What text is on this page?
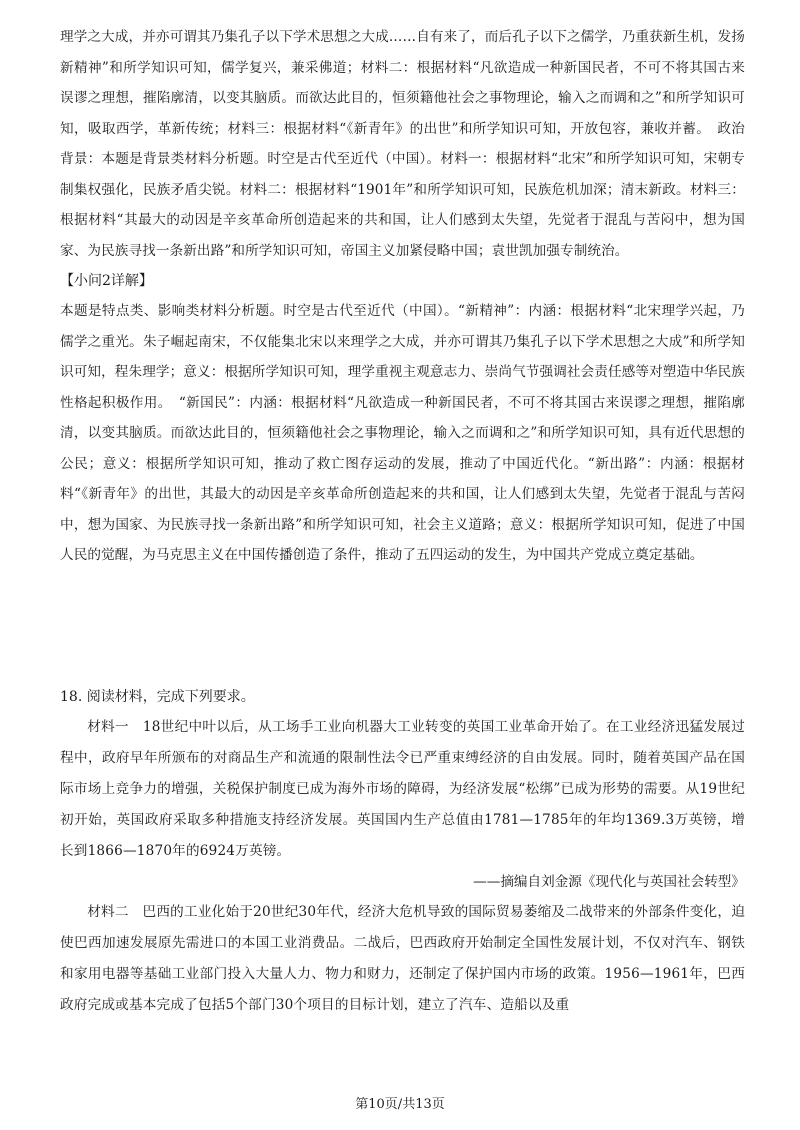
理学之大成，并亦可谓其乃集孔子以下学术思想之大成……自有来了，而后孔子以下之儒学，乃重获新生机，发扬新精神”和所学知识可知，儒学复兴，兼采佛道；材料二：根据材料“凡欲造成一种新国民者，不可不将其国古来误谬之理想，摧陷廓清，以变其脑质。而欲达此目的，恒须籍他社会之事物理论，输入之而调和之”和所学知识可知，吸取西学，革新传统；材料三：根据材料“《新青年》的出世”和所学知识可知，开放包容，兼收并蓄。　政治背景：本题是背景类材料分析题。时空是古代至近代（中国）。材料一：根据材料“北宋”和所学知识可知，宋朝专制集权强化，民族矛盾尖锐。材料二：根据材料“1901年”和所学知识可知，民族危机加深；清末新政。材料三：根据材料“其最大的动因是辛亥革命所创造起来的共和国，让人们感到太失望，先觉者于混乱与苦闷中，想为国家、为民族寻找一条新出路”和所学知识可知，帝国主义加紧侵略中国；袁世凯加强专制统治。

【小问2详解】

本题是特点类、影响类材料分析题。时空是古代至近代（中国）。“新精神”：内涵：根据材料“北宋理学兴起，乃儒学之重光。朱子崛起南宋，不仅能集北宋以来理学之大成，并亦可谓其乃集孔子以下学术思想之大成”和所学知识可知，程朱理学；意义：根据所学知识可知，理学重视主观意志力、崇尚气节强调社会责任感等对塑造中华民族性格起积极作用。　“新国民”：内涵：根据材料“凡欲造成一种新国民者，不可不将其国古来误谬之理想，摧陷廓清，以变其脑质。而欲达此目的，恒须籍他社会之事物理论，输入之而调和之”和所学知识可知，具有近代思想的公民；意义：根据所学知识可知，推动了救亡图存运动的发展，推动了中国近代化。“新出路”：内涵：根据材料“《新青年》的出世，其最大的动因是辛亥革命所创造起来的共和国，让人们感到太失望，先觉者于混乱与苦闷中，想为国家、为民族寻找一条新出路”和所学知识可知，社会主义道路；意义：根据所学知识可知，促进了中国人民的觉醒，为马克思主义在中国传播创造了条件，推动了五四运动的发生，为中国共产党成立奠定基础。

18. 阅读材料，完成下列要求。

材料一　18世纪中叶以后，从工场手工业向机器大工业转变的英国工业革命开始了。在工业经济迅猛发展过程中，政府早年所颁布的对商品生产和流通的限制性法令已严重束缚经济的自由发展。同时，随着英国产品在国际市场上竞争力的增强，关税保护制度已成为海外市场的障碍，为经济发展“松绑”已成为形势的需要。从19世纪初开始，英国政府采取多种措施支持经济发展。英国国内生产总值由1781—1785年的年均1369.3万英镑，增长到1866—1870年的6924万英镑。

——摘编自刘金源《现代化与英国社会转型》

材料二　巴西的工业化始于20世纪30年代，经济大危机导致的国际贸易萎缩及二战带来的外部条件变化，迫使巴西加速发展原先需进口的本国工业消费品。二战后，巴西政府开始制定全国性发展计划，不仅对汽车、钢铁和家用电器等基础工业部门投入大量人力、物力和财力，还制定了保护国内市场的政策。1956—1961年，巴西政府完成或基本完成了包括5个部门30个项目的目标计划，建立了汽车、造船以及重

第10页/共13页
